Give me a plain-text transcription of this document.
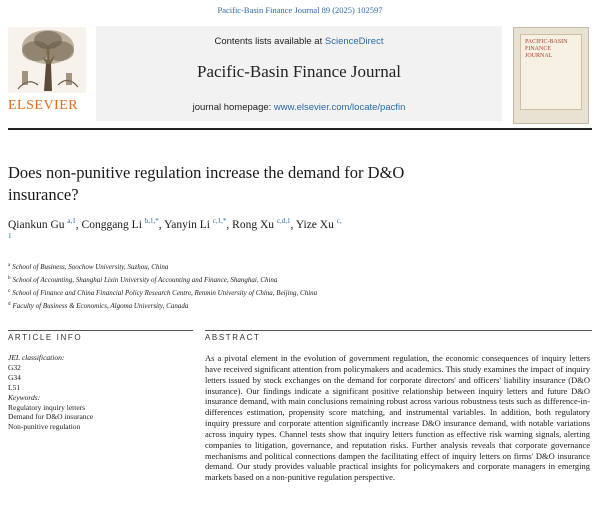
Pacific-Basin Finance Journal 89 (2025) 102597
Contents lists available at ScienceDirect
Pacific-Basin Finance Journal
journal homepage: www.elsevier.com/locate/pacfin
ELSEVIER
PACIFIC-BASIN FINANCE JOURNAL
Does non-punitive regulation increase the demand for D&O insurance?
Qiankun Gu $^{a,1}$, Conggang Li $^{b,1,*}$, Yanyin Li $^{c,1,*}$, Rong Xu $^{c,d,1}$, Yize Xu $^{c,}$
1
$^a$ School of Business, Soochow University, Suzhou, China
$^b$ School of Accounting, Shanghai Lixin University of Accounting and Finance, Shanghai, China
$^c$ School of Finance and China Financial Policy Research Centre, Renmin University of China, Beijing, China
$^d$ Faculty of Business & Economics, Algoma University, Canada
ARTICLE INFO	ABSTRACT
JEL classification:
G32
G34
L51
Keywords:
Regulatory inquiry letters
Demand for D&O insurance
Non-punitive regulation
As a pivotal element in the evolution of government regulation, the economic consequences of inquiry letters have received significant attention from policymakers and academics. This study examines the impact of inquiry letters issued by stock exchanges on the demand for corporate directors' and officers' liability insurance (D&O insurance). Our findings indicate a significant positive relationship between inquiry letters and future D&O insurance demand, with main conclusions remaining robust across various robustness tests such as difference-in-differences estimation, propensity score matching, and instrumental variables. In addition, both regulatory inquiry pressure and corporate attention significantly increase D&O insurance demand, with notable variations across inquiry types. Channel tests show that inquiry letters function as effective risk warning signals, alerting companies to litigation, governance, and reputation risks. Further analysis reveals that corporate governance mechanisms and political connections dampen the facilitating effect of inquiry letters on firms' D&O insurance demand. Our study provides valuable practical insights for policymakers and corporate managers in emerging markets based on a non-punitive regulation perspective.
